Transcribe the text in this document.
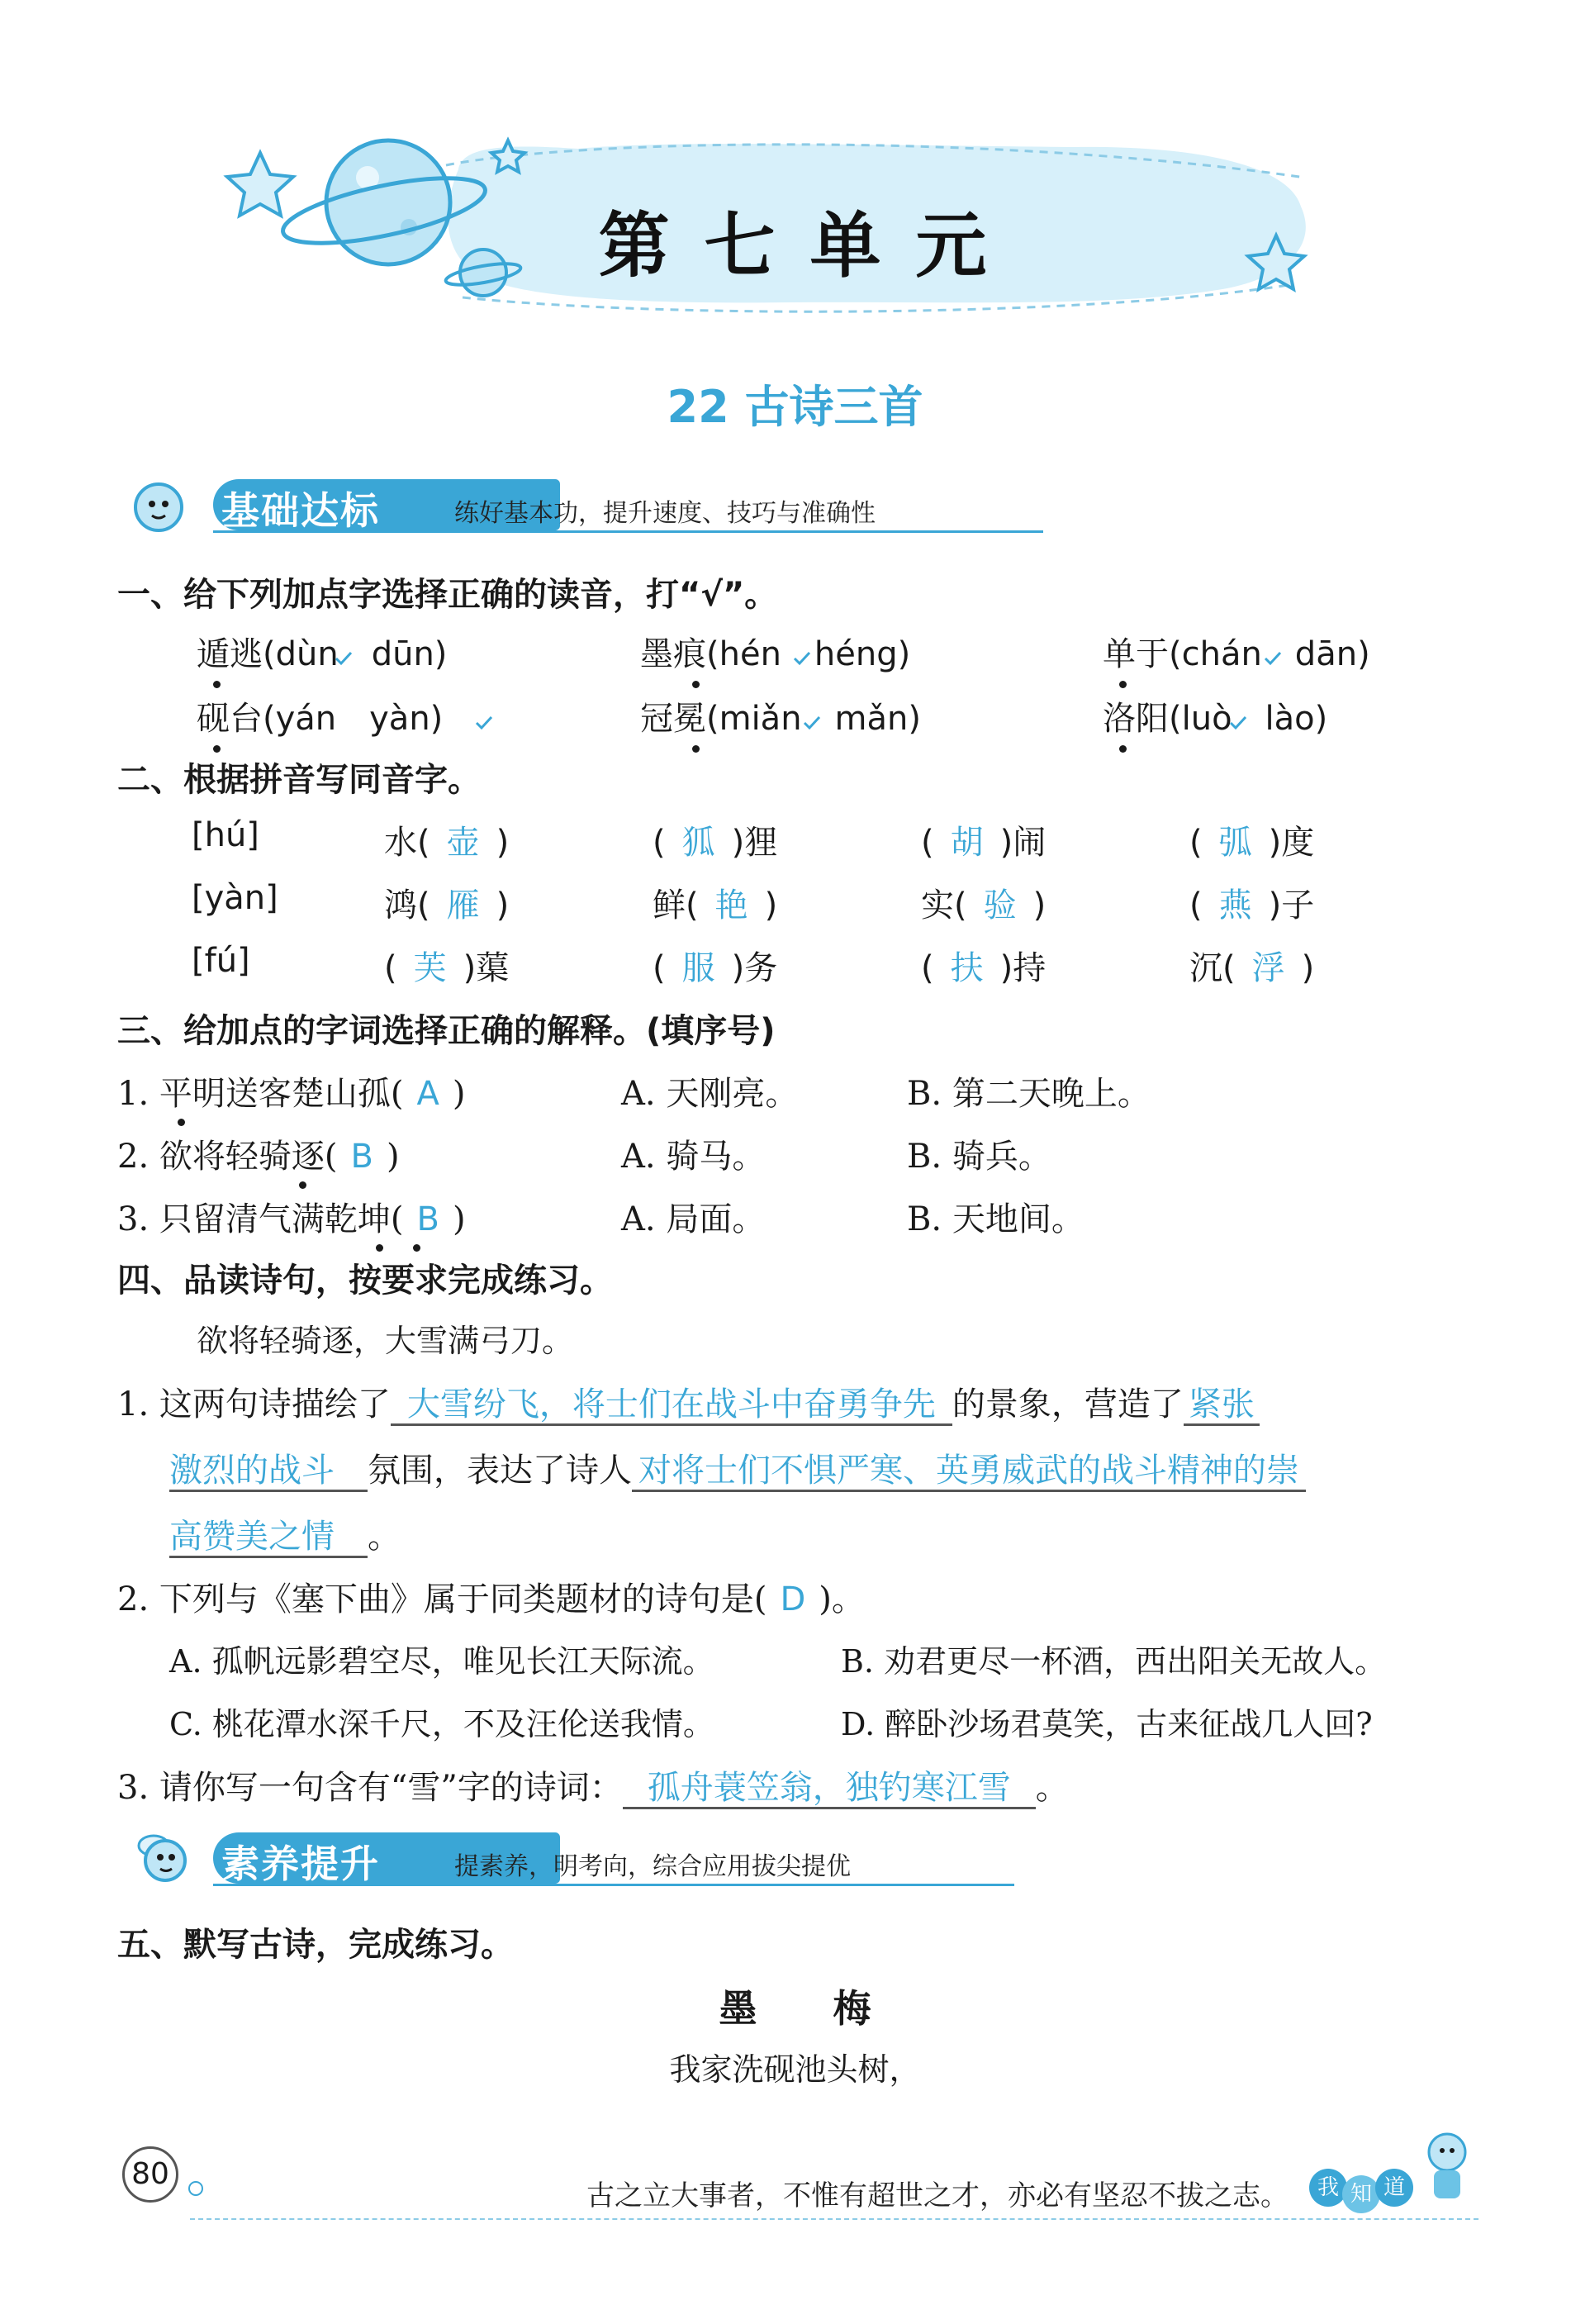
第 七 单 元
22 古诗三首
基础达标	练好基本功，提升速度、技巧与准确性
一、给下列加点字选择正确的读音，打“√”。
遁逃(dùn　dūn)	墨痕(hén　héng)	单于(chán　dān)
砚台(yán　yàn)	冠冕(miǎn　mǎn)	洛阳(luò　lào)
二、根据拼音写同音字。
[hú]	水( 壶 )	( 狐 )狸	( 胡 )闹	( 弧 )度
[yàn]	鸿( 雁 )	鲜( 艳 )	实( 验 )	( 燕 )子
[fú]	( 芙 )蕖	( 服 )务	( 扶 )持	沉( 浮 )
三、给加点的字词选择正确的解释。(填序号)
1. 平明送客楚山孤( A )	A. 天刚亮。	B. 第二天晚上。
2. 欲将轻骑逐( B )	A. 骑马。	B. 骑兵。
3. 只留清气满乾坤( B )	A. 局面。	B. 天地间。
四、品读诗句，按要求完成练习。
欲将轻骑逐，大雪满弓刀。
1. 这两句诗描绘了 大雪纷飞，将士们在战斗中奋勇争先 的景象，营造了 紧张
激烈的战斗 氛围，表达了诗人 对将士们不惧严寒、英勇威武的战斗精神的崇
高赞美之情 。
2. 下列与《塞下曲》属于同类题材的诗句是( D )。
A. 孤帆远影碧空尽，唯见长江天际流。	B. 劝君更尽一杯酒，西出阳关无故人。
C. 桃花潭水深千尺，不及汪伦送我情。	D. 醉卧沙场君莫笑，古来征战几人回?
3. 请你写一句含有“雪”字的诗词： 孤舟蓑笠翁，独钓寒江雪 。
素养提升	提素养，明考向，综合应用拔尖提优
五、默写古诗，完成练习。
墨　　梅
我家洗砚池头树，
80
古之立大事者，不惟有超世之才，亦必有坚忍不拔之志。	我 知 道
